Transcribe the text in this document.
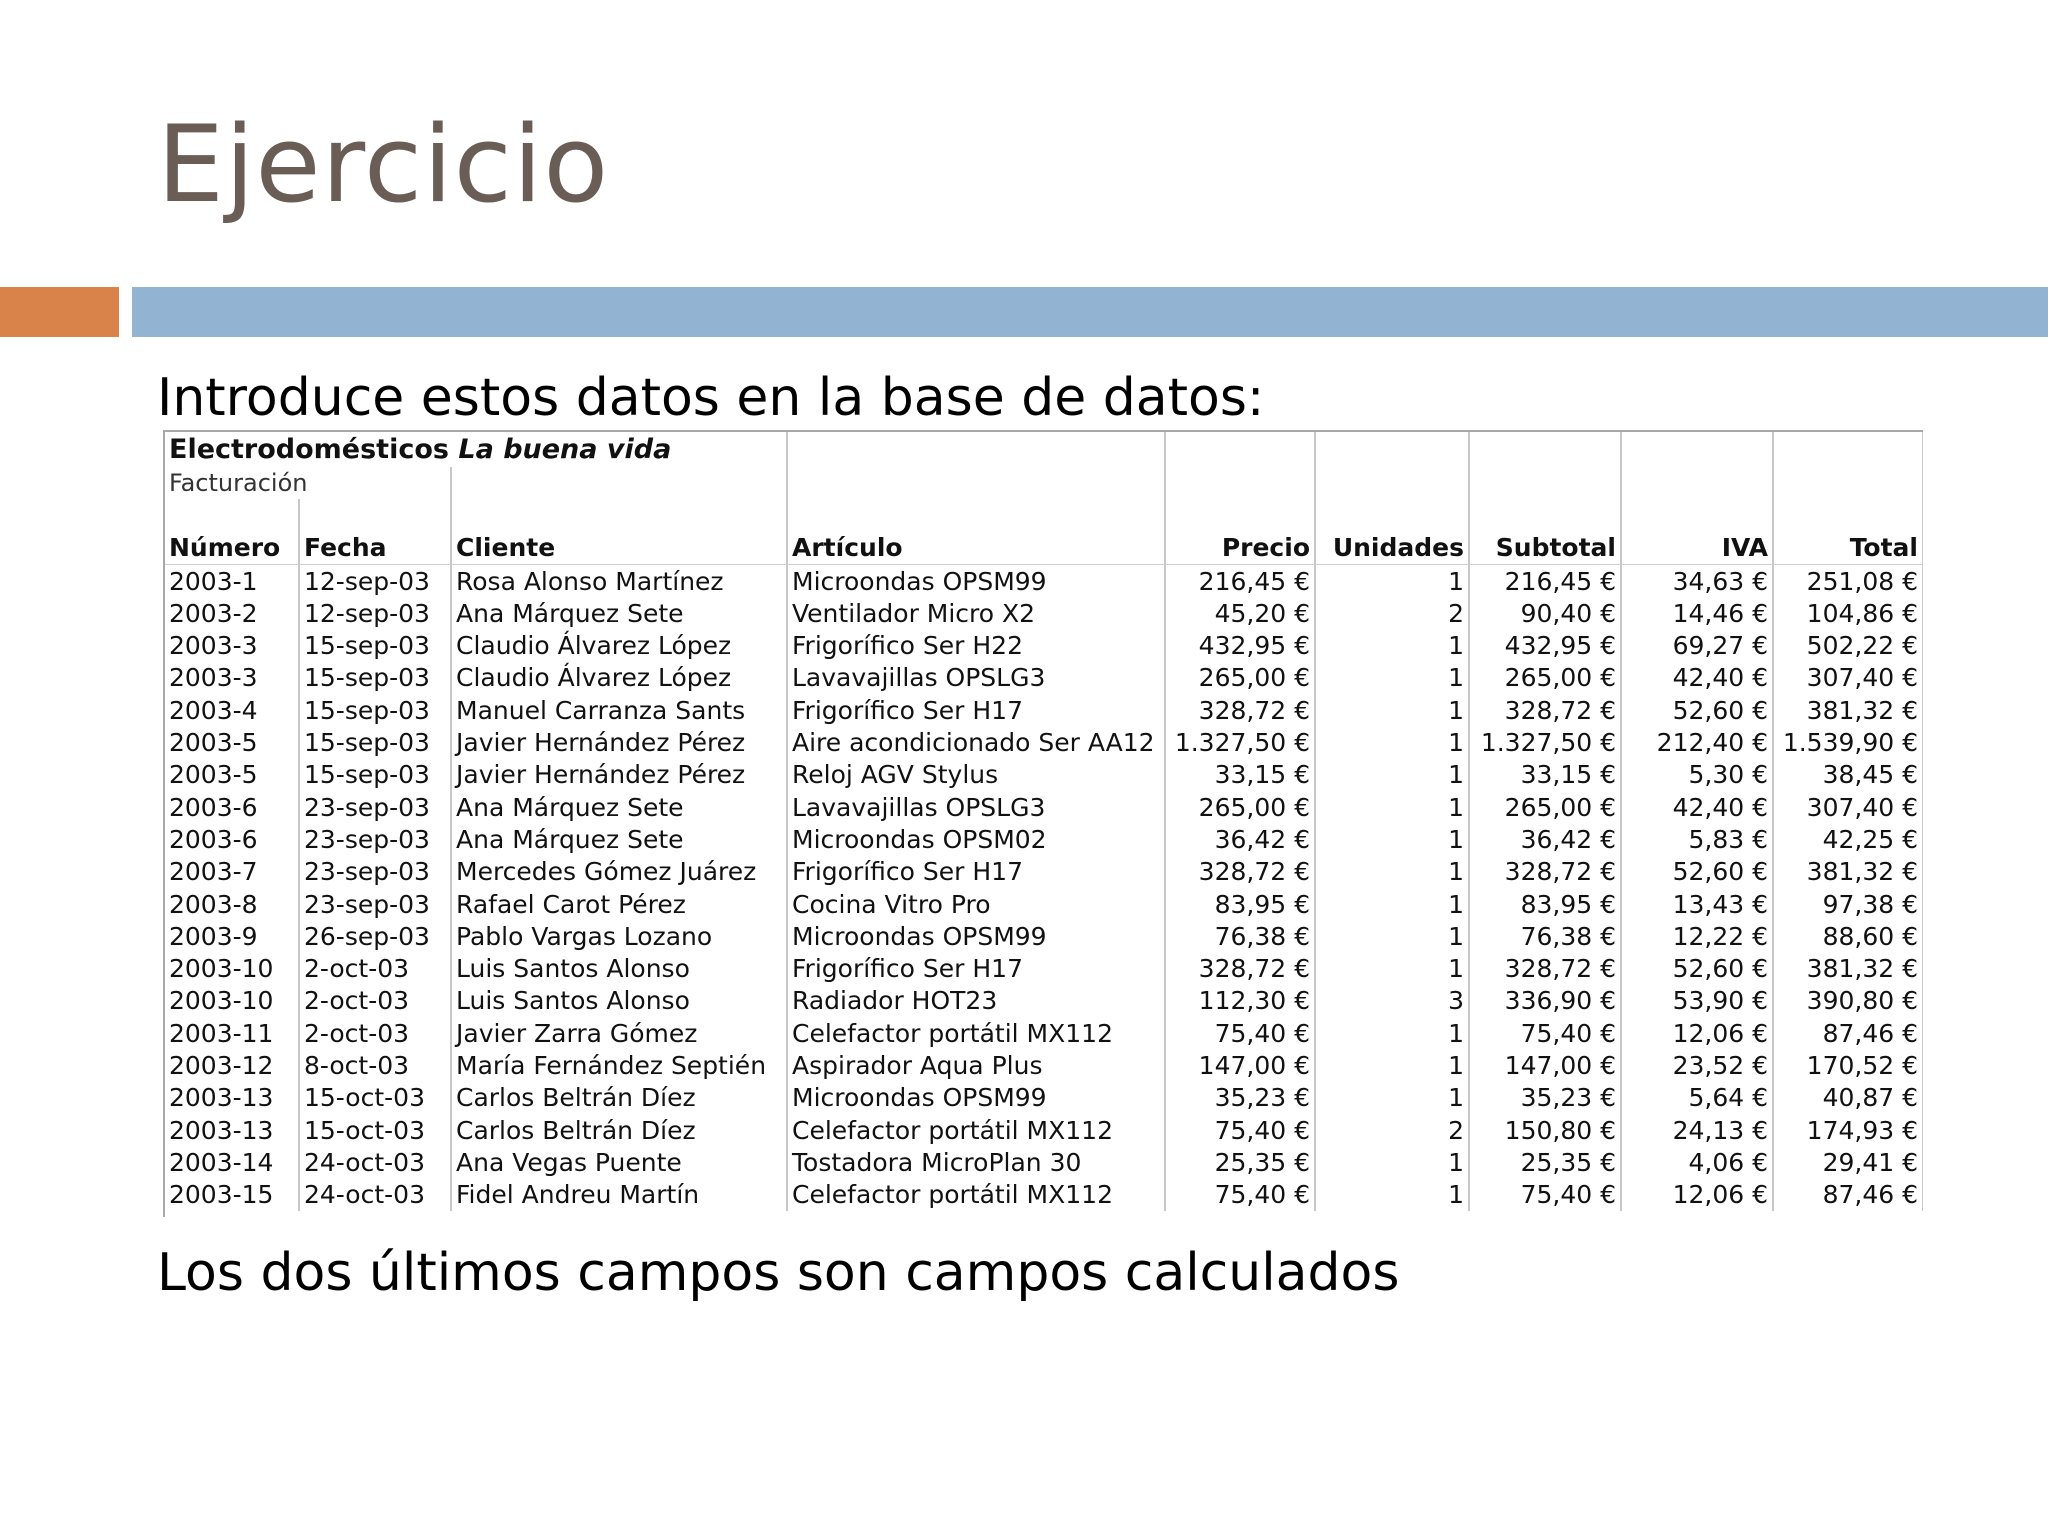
Ejercicio
Introduce estos datos en la base de datos:
Electrodomésticos La buena vida								
Facturación								

Número	Fecha	Cliente	Artículo	Precio	Unidades	Subtotal	IVA	Total
2003-1	12-sep-03	Rosa Alonso Martínez	Microondas OPSM99	216,45 €	1	216,45 €	34,63 €	251,08 €
2003-2	12-sep-03	Ana Márquez Sete	Ventilador Micro X2	45,20 €	2	90,40 €	14,46 €	104,86 €
2003-3	15-sep-03	Claudio Álvarez López	Frigorífico Ser H22	432,95 €	1	432,95 €	69,27 €	502,22 €
2003-3	15-sep-03	Claudio Álvarez López	Lavavajillas OPSLG3	265,00 €	1	265,00 €	42,40 €	307,40 €
2003-4	15-sep-03	Manuel Carranza Sants	Frigorífico Ser H17	328,72 €	1	328,72 €	52,60 €	381,32 €
2003-5	15-sep-03	Javier Hernández Pérez	Aire acondicionado Ser AA12	1.327,50 €	1	1.327,50 €	212,40 €	1.539,90 €
2003-5	15-sep-03	Javier Hernández Pérez	Reloj AGV Stylus	33,15 €	1	33,15 €	5,30 €	38,45 €
2003-6	23-sep-03	Ana Márquez Sete	Lavavajillas OPSLG3	265,00 €	1	265,00 €	42,40 €	307,40 €
2003-6	23-sep-03	Ana Márquez Sete	Microondas OPSM02	36,42 €	1	36,42 €	5,83 €	42,25 €
2003-7	23-sep-03	Mercedes Gómez Juárez	Frigorífico Ser H17	328,72 €	1	328,72 €	52,60 €	381,32 €
2003-8	23-sep-03	Rafael Carot Pérez	Cocina Vitro Pro	83,95 €	1	83,95 €	13,43 €	97,38 €
2003-9	26-sep-03	Pablo Vargas Lozano	Microondas OPSM99	76,38 €	1	76,38 €	12,22 €	88,60 €
2003-10	2-oct-03	Luis Santos Alonso	Frigorífico Ser H17	328,72 €	1	328,72 €	52,60 €	381,32 €
2003-10	2-oct-03	Luis Santos Alonso	Radiador HOT23	112,30 €	3	336,90 €	53,90 €	390,80 €
2003-11	2-oct-03	Javier Zarra Gómez	Celefactor portátil MX112	75,40 €	1	75,40 €	12,06 €	87,46 €
2003-12	8-oct-03	María Fernández Septién	Aspirador Aqua Plus	147,00 €	1	147,00 €	23,52 €	170,52 €
2003-13	15-oct-03	Carlos Beltrán Díez	Microondas OPSM99	35,23 €	1	35,23 €	5,64 €	40,87 €
2003-13	15-oct-03	Carlos Beltrán Díez	Celefactor portátil MX112	75,40 €	2	150,80 €	24,13 €	174,93 €
2003-14	24-oct-03	Ana Vegas Puente	Tostadora MicroPlan 30	25,35 €	1	25,35 €	4,06 €	29,41 €
2003-15	24-oct-03	Fidel Andreu Martín	Celefactor portátil MX112	75,40 €	1	75,40 €	12,06 €	87,46 €
Los dos últimos campos son campos calculados
